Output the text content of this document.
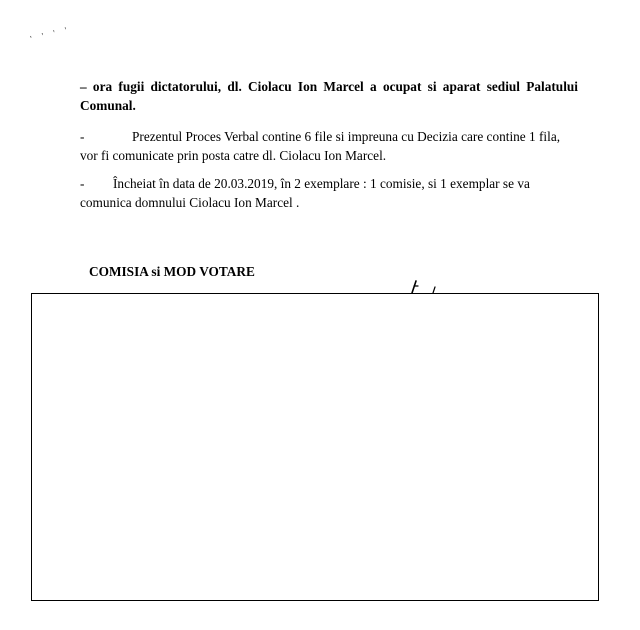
' ' ' '

– ora fugii dictatorului, dl. Ciolacu Ion Marcel a ocupat si aparat sediul Palatului Comunal.

-	Prezentul Proces Verbal contine 6 file si impreuna cu Decizia care contine 1 fila, vor fi comunicate prin posta catre dl. Ciolacu Ion Marcel.

- Încheiat în data de 20.03.2019, în 2 exemplare : 1 comisie, si 1 exemplar se va comunica domnului Ciolacu Ion Marcel .

COMISIA si MOD VOTARE
